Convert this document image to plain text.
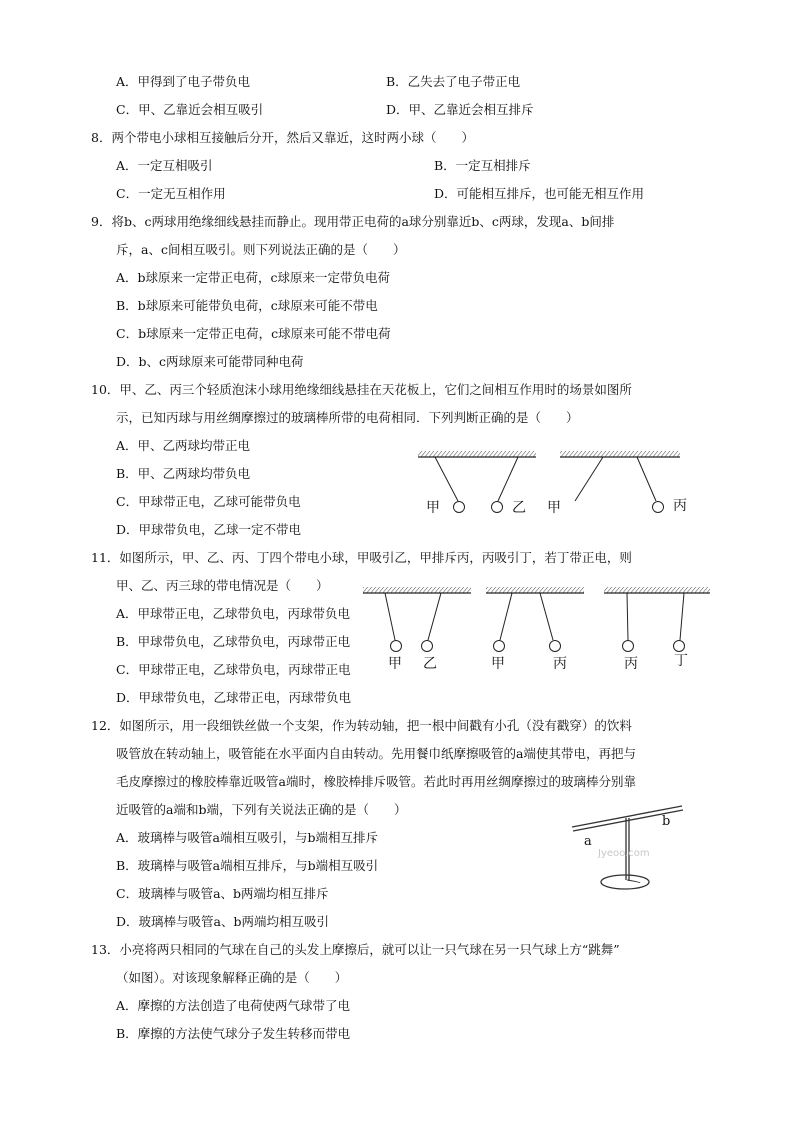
A．甲得到了电子带负电	B．乙失去了电子带正电
C．甲、乙靠近会相互吸引	D．甲、乙靠近会相互排斥
8．两个带电小球相互接触后分开，然后又靠近，这时两小球（　　）
A．一定互相吸引	B．一定互相排斥
C．一定无互相作用	D．可能相互排斥，也可能无相互作用
9．将b、c两球用绝缘细线悬挂而静止。现用带正电荷的a球分别靠近b、c两球，发现a、b间排
斥，a、c间相互吸引。则下列说法正确的是（　　）
A．b球原来一定带正电荷，c球原来一定带负电荷
B．b球原来可能带负电荷，c球原来可能不带电
C．b球原来一定带正电荷，c球原来可能不带电荷
D．b、c两球原来可能带同种电荷
10．甲、乙、丙三个轻质泡沫小球用绝缘细线悬挂在天花板上，它们之间相互作用时的场景如图所
示，已知丙球与用丝绸摩擦过的玻璃棒所带的电荷相同．下列判断正确的是（　　）
A．甲、乙两球均带正电
B．甲、乙两球均带负电
C．甲球带正电，乙球可能带负电
D．甲球带负电，乙球一定不带电
11．如图所示，甲、乙、丙、丁四个带电小球，甲吸引乙，甲排斥丙，丙吸引丁，若丁带正电，则
甲、乙、丙三球的带电情况是（　　）
A．甲球带正电，乙球带负电，丙球带负电
B．甲球带负电，乙球带负电，丙球带正电
C．甲球带正电，乙球带负电，丙球带正电
D．甲球带负电，乙球带正电，丙球带负电
12．如图所示，用一段细铁丝做一个支架，作为转动轴，把一根中间戳有小孔（没有戳穿）的饮料
吸管放在转动轴上，吸管能在水平面内自由转动。先用餐巾纸摩擦吸管的a端使其带电，再把与
毛皮摩擦过的橡胶棒靠近吸管a端时，橡胶棒排斥吸管。若此时再用丝绸摩擦过的玻璃棒分别靠
近吸管的a端和b端，下列有关说法正确的是（　　）
A．玻璃棒与吸管a端相互吸引，与b端相互排斥
B．玻璃棒与吸管a端相互排斥，与b端相互吸引
C．玻璃棒与吸管a、b两端均相互排斥
D．玻璃棒与吸管a、b两端均相互吸引
13．小亮将两只相同的气球在自己的头发上摩擦后，就可以让一只气球在另一只气球上方“跳舞”
（如图）。对该现象解释正确的是（　　）
A．摩擦的方法创造了电荷使两气球带了电
B．摩擦的方法使气球分子发生转移而带电
甲	乙 甲	丙
甲 乙	甲	丙	丙	丁
a
b
Jyeoo.com
